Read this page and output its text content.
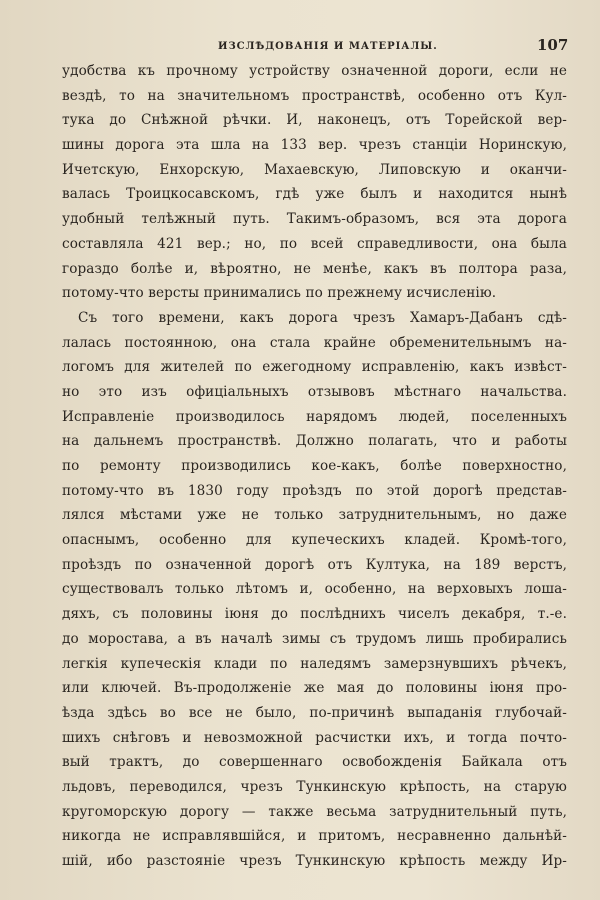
ИЗСЛѢДОВАНІЯ И МАТЕРІАЛЫ.	107
удобства къ прочному устройству означенной дороги, если не
вездѣ, то на значительномъ пространствѣ, особенно отъ Кул-
тука до Снѣжной рѣчки. И, наконецъ, отъ Торейской вер-
шины дорога эта шла на 133 вер. чрезъ станціи Норинскую,
Ичетскую, Енхорскую, Махаевскую, Липовскую и оканчи-
валась Троицкосавскомъ, гдѣ уже былъ и находится нынѣ
удобный телѣжный путь. Такимъ-образомъ, вся эта дорога
составляла 421 вер.; но, по всей справедливости, она была
гораздо болѣе и, вѣроятно, не менѣе, какъ въ полтора раза,
потому-что версты принимались по прежнему исчисленію.
Съ того времени, какъ дорога чрезъ Хамаръ-Дабанъ сдѣ-
лалась постоянною, она стала крайне обременительнымъ на-
логомъ для жителей по ежегодному исправленію, какъ извѣст-
но это изъ офиціальныхъ отзывовъ мѣстнаго начальства.
Исправленіе производилось нарядомъ людей, поселенныхъ
на дальнемъ пространствѣ. Должно полагать, что и работы
по ремонту производились кое-какъ, болѣе поверхностно,
потому-что въ 1830 году проѣздъ по этой дорогѣ представ-
лялся мѣстами уже не только затруднительнымъ, но даже
опаснымъ, особенно для купеческихъ кладей. Кромѣ-того,
проѣздъ по означенной дорогѣ отъ Култука, на 189 верстъ,
существовалъ только лѣтомъ и, особенно, на верховыхъ лоша-
дяхъ, съ половины іюня до послѣднихъ чиселъ декабря, т.-е.
до моростава, а въ началѣ зимы съ трудомъ лишь пробирались
легкія купеческія клади по наледямъ замерзнувшихъ рѣчекъ,
или ключей. Въ-продолженіе же мая до половины іюня про-
ѣзда здѣсь во все не было, по-причинѣ выпаданія глубочай-
шихъ снѣговъ и невозможной расчистки ихъ, и тогда почто-
вый трактъ, до совершеннаго освобожденія Байкала отъ
льдовъ, переводился, чрезъ Тункинскую крѣпость, на старую
кругоморскую дорогу — также весьма затруднительный путь,
никогда не исправлявшійся, и притомъ, несравненно дальнѣй-
шій, ибо разстояніе чрезъ Тункинскую крѣпость между Ир-
